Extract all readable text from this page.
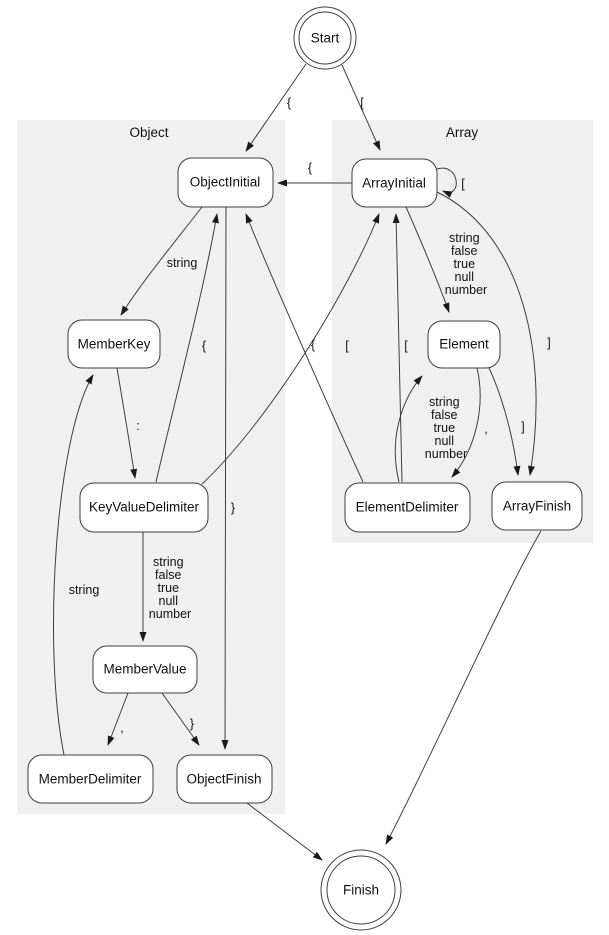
Object	Array
{	[
{
[
string
:
{	[
string false true null number
,	}
string
}
string false true null number
string false true null number
,	]
[
{	]
Start
Finish
ObjectInitial	ArrayInitial
MemberKey	Element
KeyValueDelimiter	ElementDelimiter	ArrayFinish
MemberValue
MemberDelimiter	ObjectFinish
